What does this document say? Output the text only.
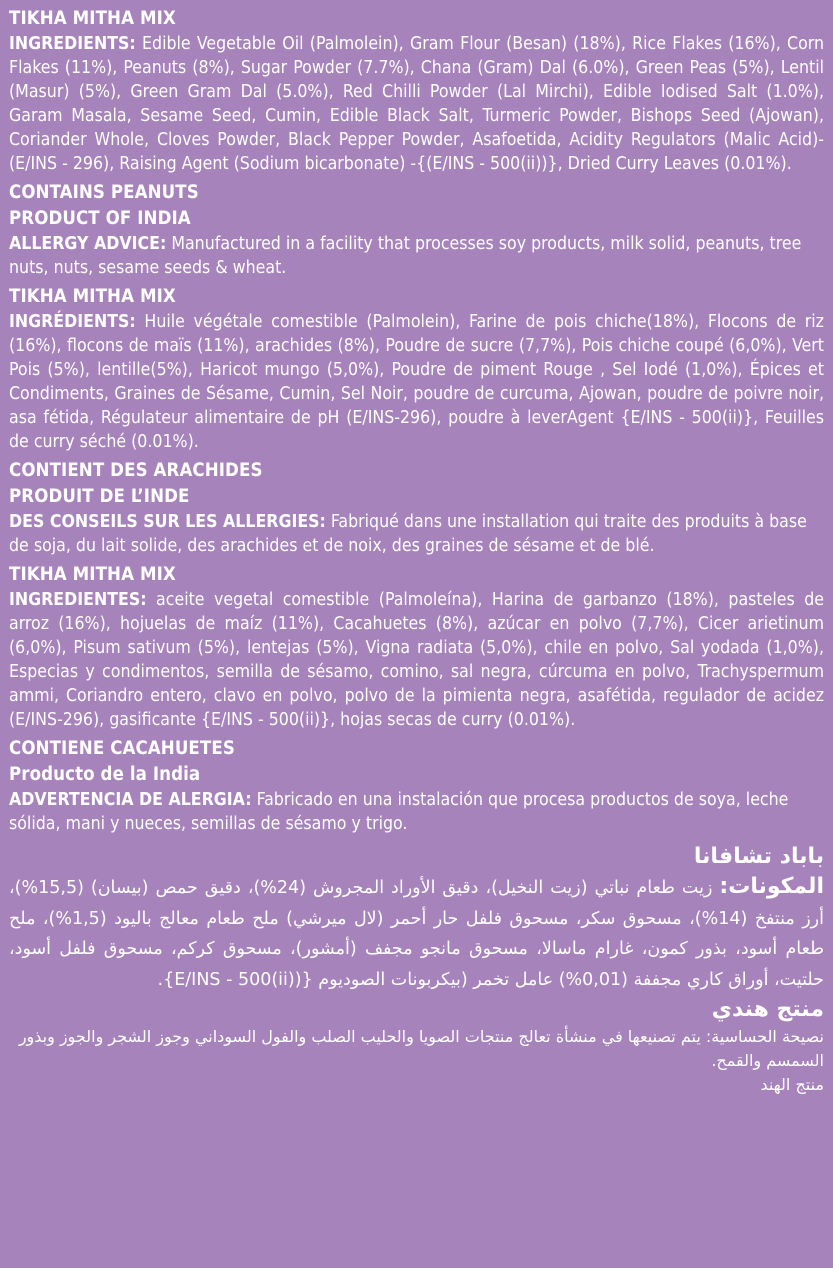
TIKHA MITHA MIX
INGREDIENTS: Edible Vegetable Oil (Palmolein), Gram Flour (Besan) (18%), Rice Flakes (16%), Corn Flakes (11%), Peanuts (8%), Sugar Powder (7.7%), Chana (Gram) Dal (6.0%), Green Peas (5%), Lentil (Masur) (5%), Green Gram Dal (5.0%), Red Chilli Powder (Lal Mirchi), Edible Iodised Salt (1.0%), Garam Masala, Sesame Seed, Cumin, Edible Black Salt, Turmeric Powder, Bishops Seed (Ajowan), Coriander Whole, Cloves Powder, Black Pepper Powder, Asafoetida, Acidity Regulators (Malic Acid)- (E/INS - 296), Raising Agent (Sodium bicarbonate) -{(E/INS - 500(ii))}, Dried Curry Leaves (0.01%).
CONTAINS PEANUTS
PRODUCT OF INDIA
ALLERGY ADVICE: Manufactured in a facility that processes soy products, milk solid, peanuts, tree nuts, nuts, sesame seeds & wheat.
TIKHA MITHA MIX
INGRÉDIENTS: Huile végétale comestible (Palmolein), Farine de pois chiche(18%), Flocons de riz (16%), flocons de maïs (11%), arachides (8%), Poudre de sucre (7,7%), Pois chiche coupé (6,0%), Vert Pois (5%), lentille(5%), Haricot mungo (5,0%), Poudre de piment Rouge , Sel Iodé (1,0%), Épices et Condiments, Graines de Sésame, Cumin, Sel Noir, poudre de curcuma, Ajowan, poudre de poivre noir, asa fétida, Régulateur alimentaire de pH (E/INS-296), poudre à leverAgent {E/INS - 500(ii)}, Feuilles de curry séché (0.01%).
CONTIENT DES ARACHIDES
PRODUIT DE L’INDE
DES CONSEILS SUR LES ALLERGIES: Fabriqué dans une installation qui traite des produits à base de soja, du lait solide, des arachides et de noix, des graines de sésame et de blé.
TIKHA MITHA MIX
INGREDIENTES: aceite vegetal comestible (Palmoleína), Harina de garbanzo (18%), pasteles de arroz (16%), hojuelas de maíz (11%), Cacahuetes (8%), azúcar en polvo (7,7%), Cicer arietinum (6,0%), Pisum sativum (5%), lentejas (5%), Vigna radiata (5,0%), chile en polvo, Sal yodada (1,0%), Especias y condimentos, semilla de sésamo, comino, sal negra, cúrcuma en polvo, Trachyspermum ammi, Coriandro entero, clavo en polvo, polvo de la pimienta negra, asafétida, regulador de acidez (E/INS-296), gasificante {E/INS - 500(ii)}, hojas secas de curry (0.01%).
CONTIENE CACAHUETES
Producto de la India
ADVERTENCIA DE ALERGIA: Fabricado en una instalación que procesa productos de soya, leche sólida, mani y nueces, semillas de sésamo y trigo.
باباد تشافانا
المكونات: زيت طعام نباتي (زيت النخيل)، دقيق الأوراد المجروش (24%)، دقيق حمص (بيسان) (15,5%)، أرز منتفخ (14%)، مسحوق سكر، مسحوق فلفل حار أحمر (لال ميرشي) ملح طعام معالج باليود (1,5%)، ملح طعام أسود، بذور كمون، غارام ماسالا، مسحوق مانجو مجفف (أمشور)، مسحوق كركم، مسحوق فلفل أسود، حلتيت، أوراق كاري مجففة (0,01%) عامل تخمر (بيكربونات الصوديوم {(E/INS - 500(ii)}.
منتج هندي
نصيحة الحساسية: يتم تصنيعها في منشأة تعالج منتجات الصويا والحليب الصلب والفول السوداني وجوز الشجر والجوز وبذور السمسم والقمح.
منتج الهند
